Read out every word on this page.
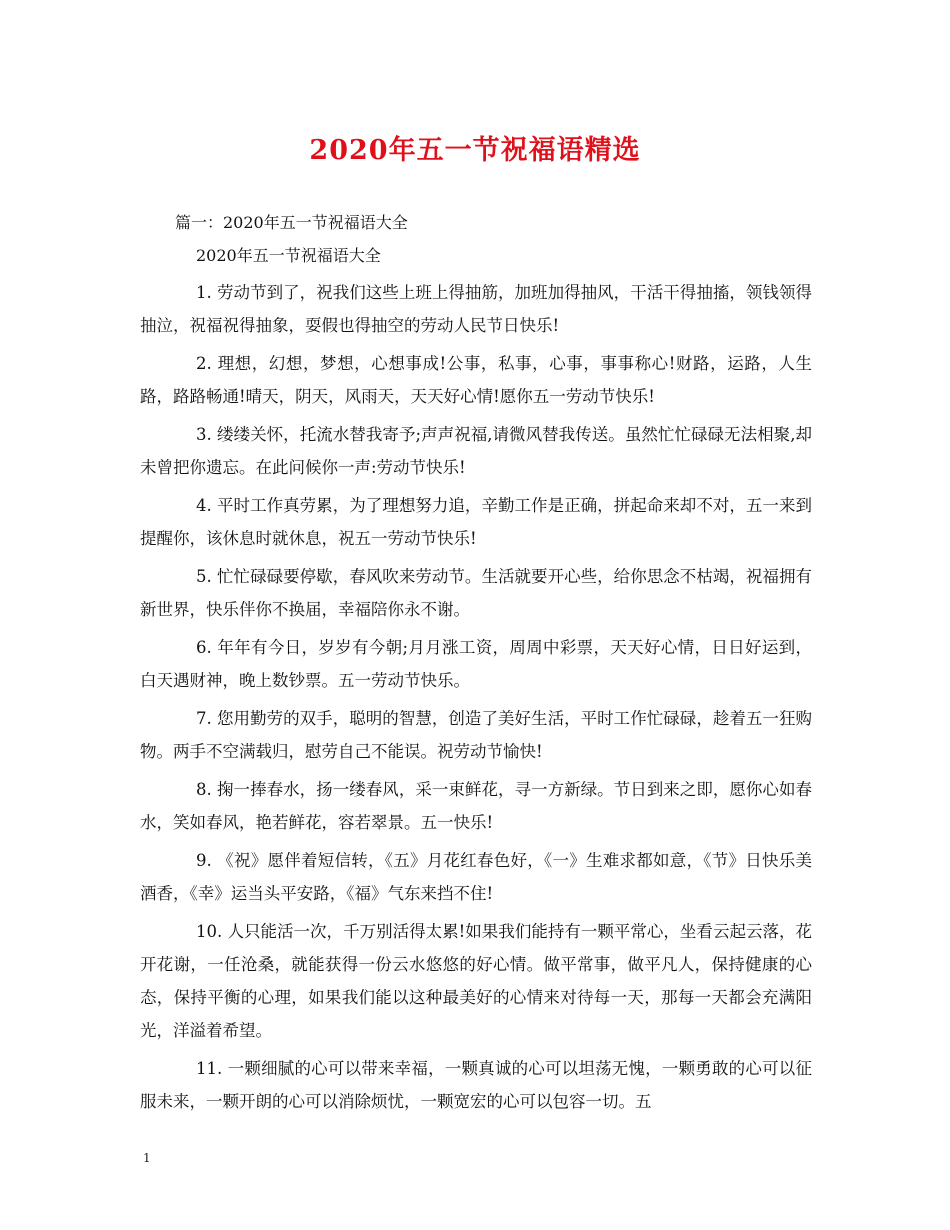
2020年五一节祝福语精选
篇一：2020年五一节祝福语大全
2020年五一节祝福语大全

1. 劳动节到了，祝我们这些上班上得抽筋，加班加得抽风，干活干得抽搐，领钱领得抽泣，祝福祝得抽象，耍假也得抽空的劳动人民节日快乐!

2. 理想，幻想，梦想，心想事成!公事，私事，心事，事事称心!财路，运路，人生路，路路畅通!晴天，阴天，风雨天，天天好心情!愿你五一劳动节快乐!

3. 缕缕关怀，托流水替我寄予;声声祝福,请微风替我传送。虽然忙忙碌碌无法相聚,却未曾把你遗忘。在此问候你一声:劳动节快乐!

4. 平时工作真劳累，为了理想努力追，辛勤工作是正确，拼起命来却不对，五一来到提醒你，该休息时就休息，祝五一劳动节快乐!

5. 忙忙碌碌要停歇，春风吹来劳动节。生活就要开心些，给你思念不枯竭，祝福拥有新世界，快乐伴你不换届，幸福陪你永不谢。

6. 年年有今日，岁岁有今朝;月月涨工资，周周中彩票，天天好心情，日日好运到，白天遇财神，晚上数钞票。五一劳动节快乐。

7. 您用勤劳的双手，聪明的智慧，创造了美好生活，平时工作忙碌碌，趁着五一狂购物。两手不空满载归，慰劳自己不能误。祝劳动节愉快!

8. 掬一捧春水，扬一缕春风，采一束鲜花，寻一方新绿。节日到来之即，愿你心如春水，笑如春风，艳若鲜花，容若翠景。五一快乐!

9. 《祝》愿伴着短信转，《五》月花红春色好，《一》生难求都如意，《节》日快乐美酒香，《幸》运当头平安路，《福》气东来挡不住!

10. 人只能活一次，千万别活得太累!如果我们能持有一颗平常心，坐看云起云落，花开花谢，一任沧桑，就能获得一份云水悠悠的好心情。做平常事，做平凡人，保持健康的心态，保持平衡的心理，如果我们能以这种最美好的心情来对待每一天，那每一天都会充满阳光，洋溢着希望。

11. 一颗细腻的心可以带来幸福，一颗真诚的心可以坦荡无愧，一颗勇敢的心可以征服未来，一颗开朗的心可以消除烦忧，一颗宽宏的心可以包容一切。五

1
